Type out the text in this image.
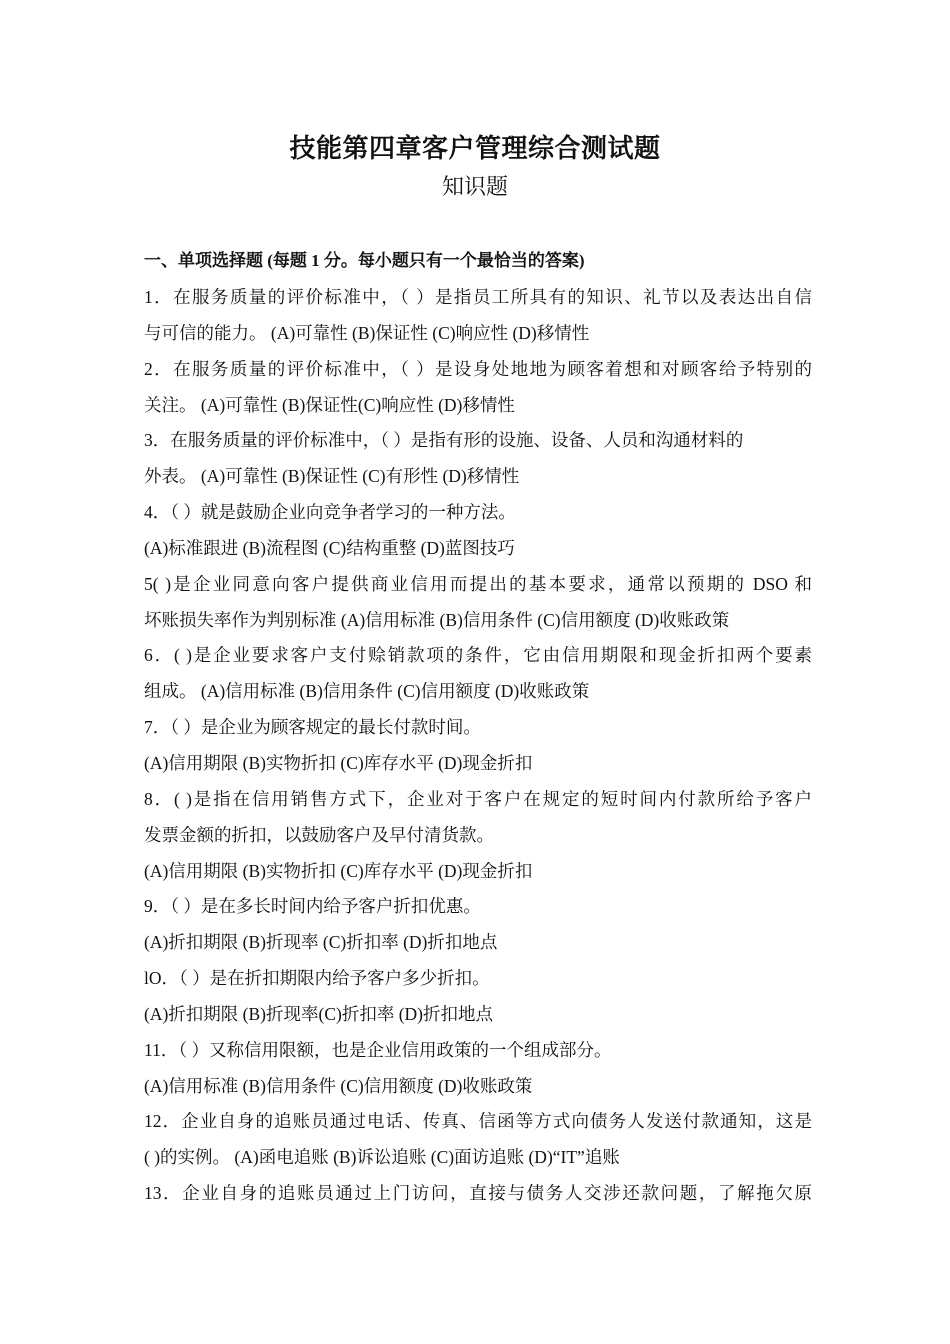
技能第四章客户管理综合测试题
知识题
一、单项选择题 (每题 1 分。每小题只有一个最恰当的答案)
1．在服务质量的评价标准中，（ ）是指员工所具有的知识、礼节以及表达出自信
与可信的能力。 (A)可靠性 (B)保证性 (C)响应性 (D)移情性
2．在服务质量的评价标准中，（ ）是设身处地地为顾客着想和对顾客给予特别的
关注。 (A)可靠性 (B)保证性(C)响应性 (D)移情性
3．在服务质量的评价标准中，（ ）是指有形的设施、设备、人员和沟通材料的
外表。 (A)可靠性 (B)保证性 (C)有形性 (D)移情性
4．（ ）就是鼓励企业向竞争者学习的一种方法。
(A)标准跟进 (B)流程图 (C)结构重整 (D)蓝图技巧
5( )是企业同意向客户提供商业信用而提出的基本要求，通常以预期的 DSO 和
坏账损失率作为判别标准 (A)信用标准 (B)信用条件 (C)信用额度 (D)收账政策
6．( )是企业要求客户支付赊销款项的条件，它由信用期限和现金折扣两个要素
组成。 (A)信用标准 (B)信用条件 (C)信用额度 (D)收账政策
7．（ ）是企业为顾客规定的最长付款时间。
(A)信用期限 (B)实物折扣 (C)库存水平 (D)现金折扣
8．( )是指在信用销售方式下，企业对于客户在规定的短时间内付款所给予客户
发票金额的折扣，以鼓励客户及早付清货款。
(A)信用期限 (B)实物折扣 (C)库存水平 (D)现金折扣
9．（ ）是在多长时间内给予客户折扣优惠。
(A)折扣期限 (B)折现率 (C)折扣率 (D)折扣地点
lO．（ ）是在折扣期限内给予客户多少折扣。
(A)折扣期限 (B)折现率(C)折扣率 (D)折扣地点
11．（ ）又称信用限额，也是企业信用政策的一个组成部分。
(A)信用标准 (B)信用条件 (C)信用额度 (D)收账政策
12．企业自身的追账员通过电话、传真、信函等方式向债务人发送付款通知，这是
( )的实例。 (A)函电追账 (B)诉讼追账 (C)面访追账 (D)“IT”追账
13．企业自身的追账员通过上门访问，直接与债务人交涉还款问题，了解拖欠原
